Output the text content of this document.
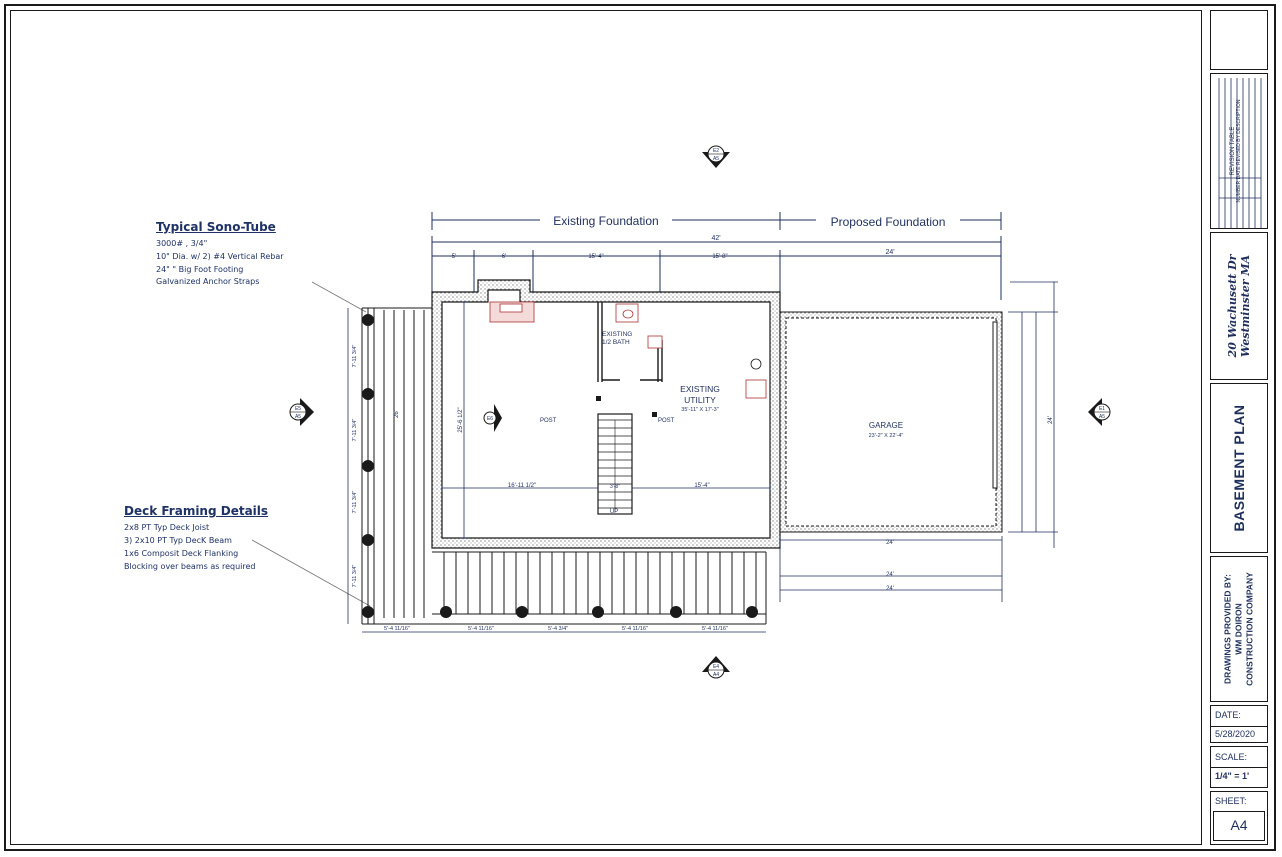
REVISION TABLE NUMBER DATE REVISED BY DESCRIPTION
20 Wachusett Dr Westminster MA
BASEMENT PLAN
DRAWINGS PROVIDED BY: WM DOIRON CONSTRUCTION COMPANY
DATE:
5/28/2020
SCALE:
1/4" = 1'
SHEET:
A4
Typical Sono-Tube
3000# , 3/4"
10" Dia. w/ 2) #4 Vertical Rebar
24" " Big Foot Footing
Galvanized Anchor Straps
Deck Framing Details
2x8 PT Typ Deck Joist
3) 2x10 PT Typ DecK Beam
1x6 Composit Deck Flanking
Blocking over beams as required
Existing Foundation	Proposed Foundation
42'
24'
5'	6'	15'-4"	15'-8"
UP
POST	POST
16'-11 1/2"	15'-4"
3'-8"
25'-6 1/2"
EXISTING
1/2 BATH
EXISTING
UTILITY
35'-11" X 17'-3"
GARAGE
23'-2" X 22'-4"
24'
24'
24'
24'
5'-4 11/16"	5'-4 11/16"	5'-4 3/4"	5'-4 11/16"	5'-4 11/16"
7'-11 3/4"
7'-11 3/4"
7'-11 3/4"
7'-11 3/4"
26'
E2
A5
E5
A5
E1
A5
E4
A4
E6
